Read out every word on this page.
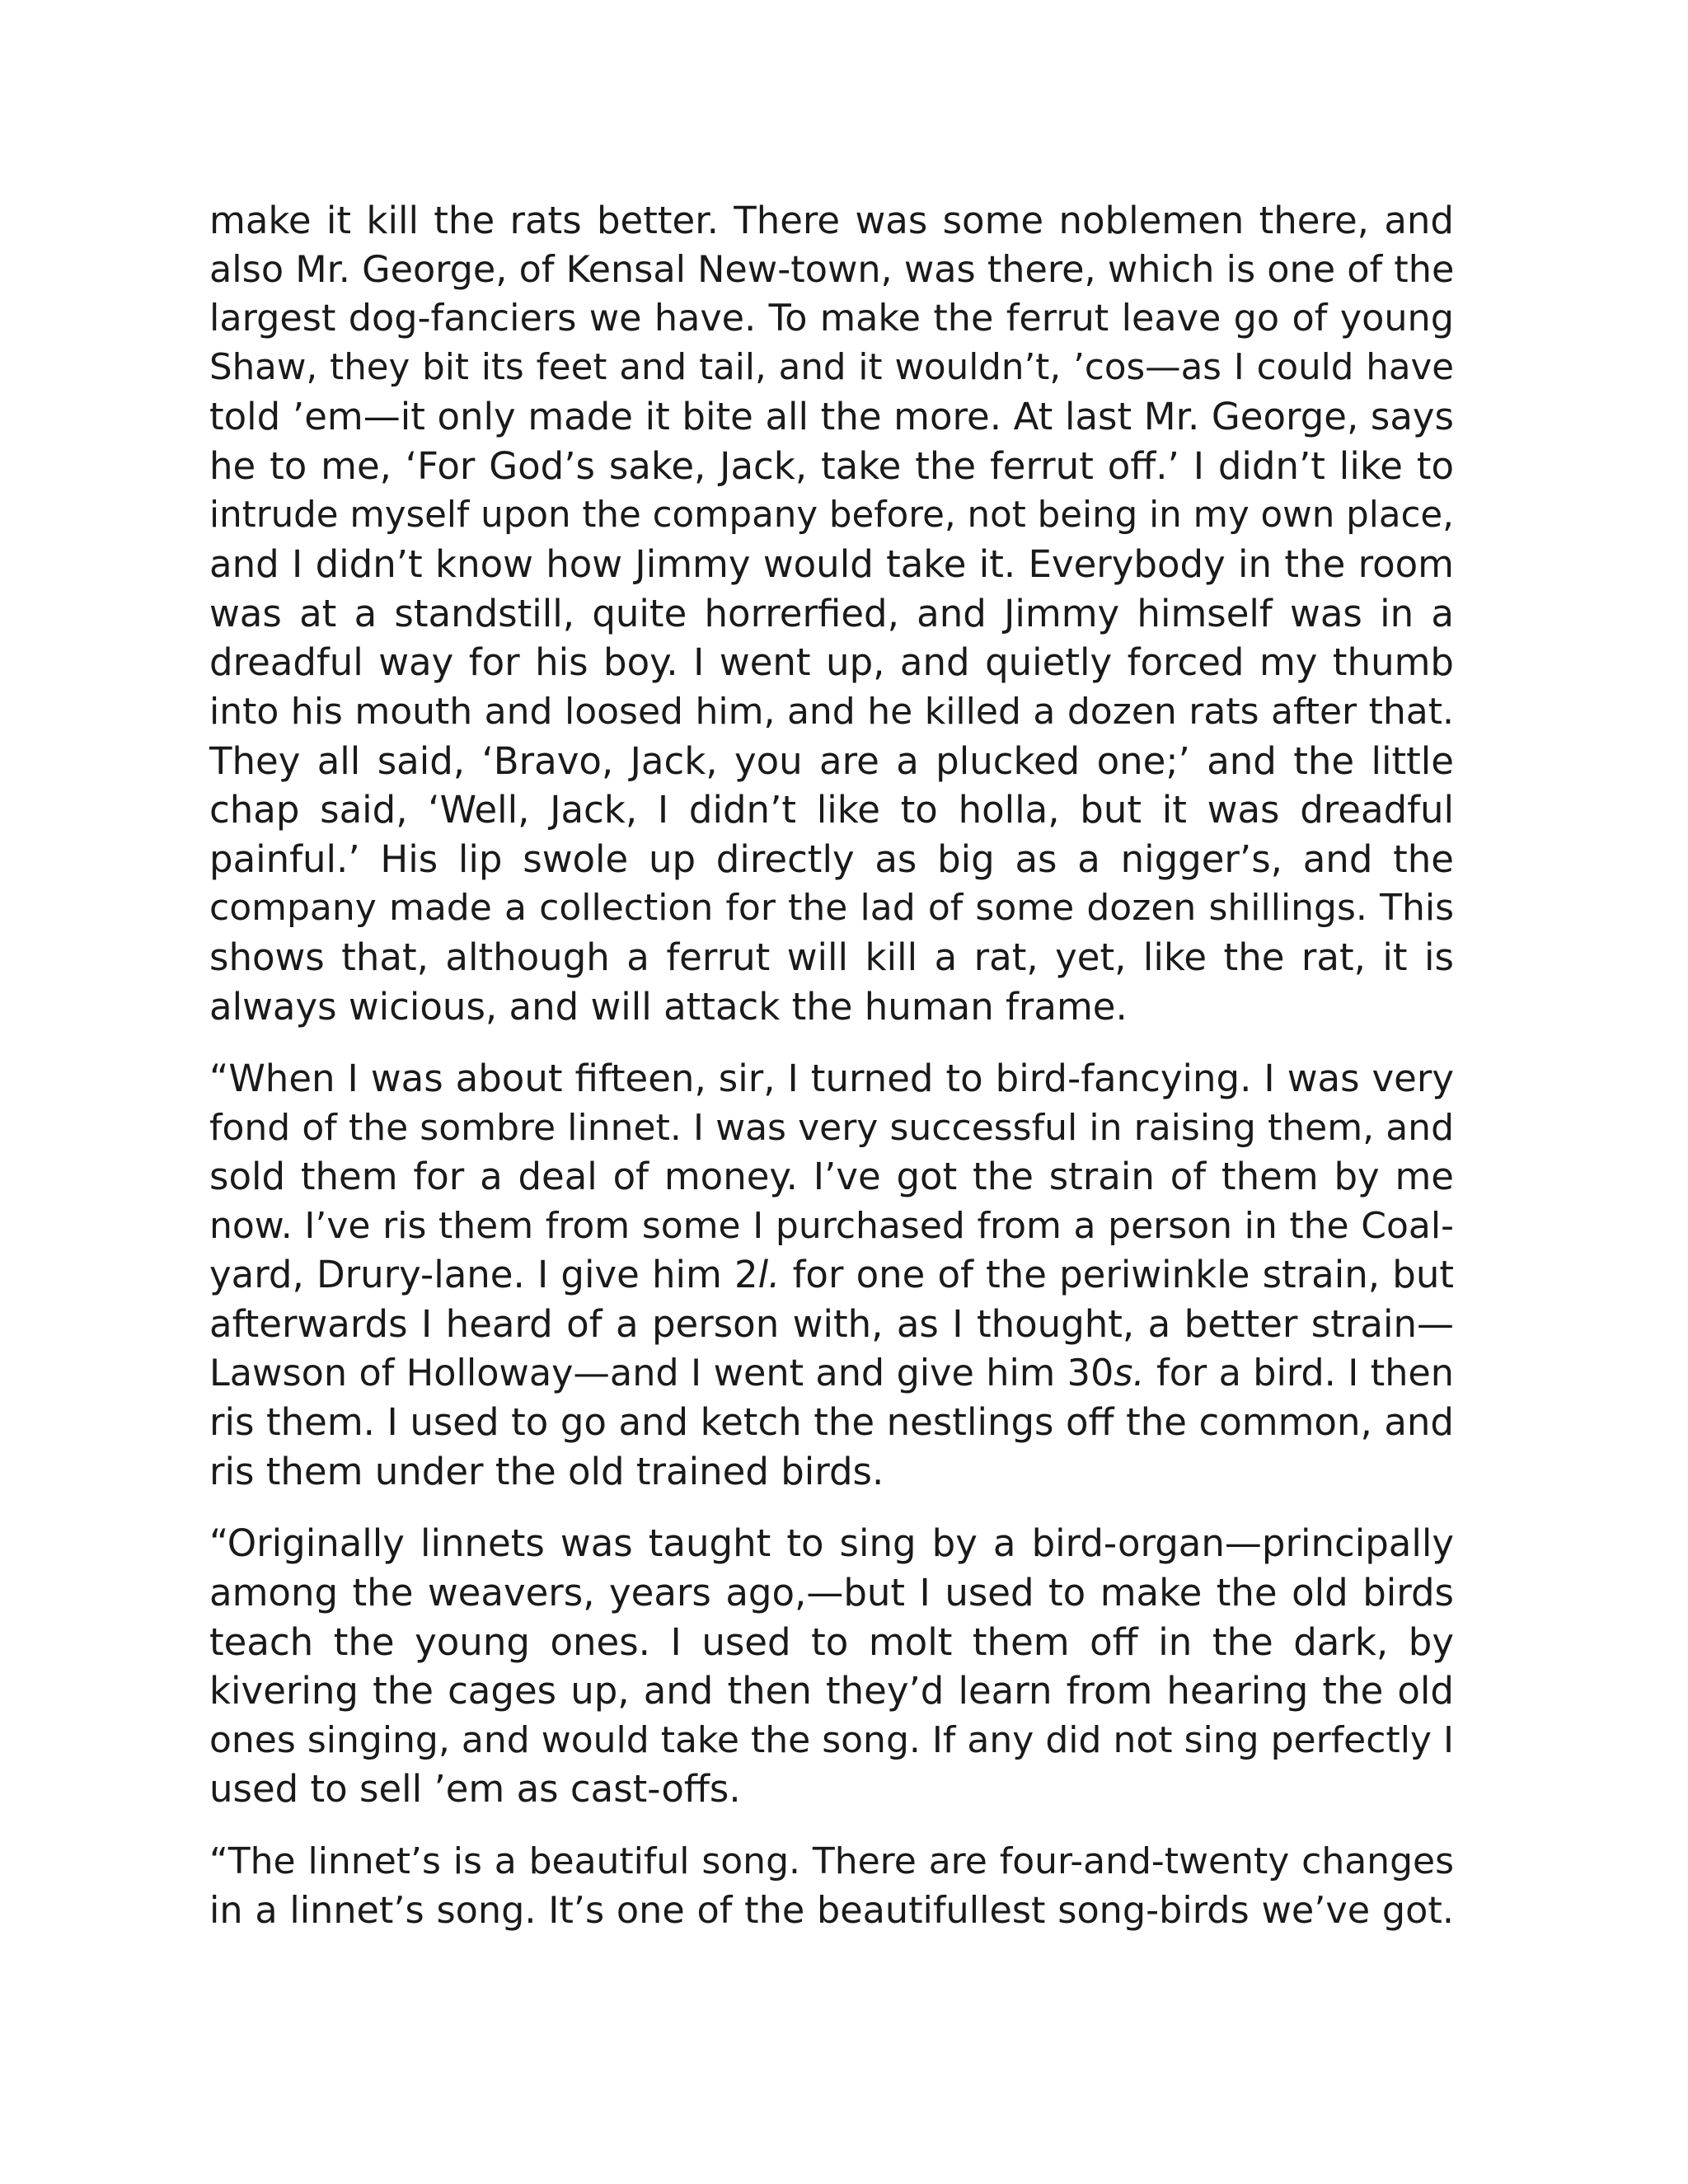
make it kill the rats better. There was some noblemen there, and
also Mr. George, of Kensal New-town, was there, which is one of the
largest dog-fanciers we have. To make the ferrut leave go of young
Shaw, they bit its feet and tail, and it wouldn’t, ’cos—as I could have
told ’em—it only made it bite all the more. At last Mr. George, says
he to me, ‘For God’s sake, Jack, take the ferrut off.’ I didn’t like to
intrude myself upon the company before, not being in my own place,
and I didn’t know how Jimmy would take it. Everybody in the room
was at a standstill, quite horrerfied, and Jimmy himself was in a
dreadful way for his boy. I went up, and quietly forced my thumb
into his mouth and loosed him, and he killed a dozen rats after that.
They all said, ‘Bravo, Jack, you are a plucked one;’ and the little
chap said, ‘Well, Jack, I didn’t like to holla, but it was dreadful
painful.’ His lip swole up directly as big as a nigger’s, and the
company made a collection for the lad of some dozen shillings. This
shows that, although a ferrut will kill a rat, yet, like the rat, it is
always wicious, and will attack the human frame.

“When I was about fifteen, sir, I turned to bird-fancying. I was very
fond of the sombre linnet. I was very successful in raising them, and
sold them for a deal of money. I’ve got the strain of them by me
now. I’ve ris them from some I purchased from a person in the Coal-
yard, Drury-lane. I give him 2l. for one of the periwinkle strain, but
afterwards I heard of a person with, as I thought, a better strain—
Lawson of Holloway—and I went and give him 30s. for a bird. I then
ris them. I used to go and ketch the nestlings off the common, and
ris them under the old trained birds.

“Originally linnets was taught to sing by a bird-organ—principally
among the weavers, years ago,—but I used to make the old birds
teach the young ones. I used to molt them off in the dark, by
kivering the cages up, and then they’d learn from hearing the old
ones singing, and would take the song. If any did not sing perfectly I
used to sell ’em as cast-offs.

“The linnet’s is a beautiful song. There are four-and-twenty changes
in a linnet’s song. It’s one of the beautifullest song-birds we’ve got.
